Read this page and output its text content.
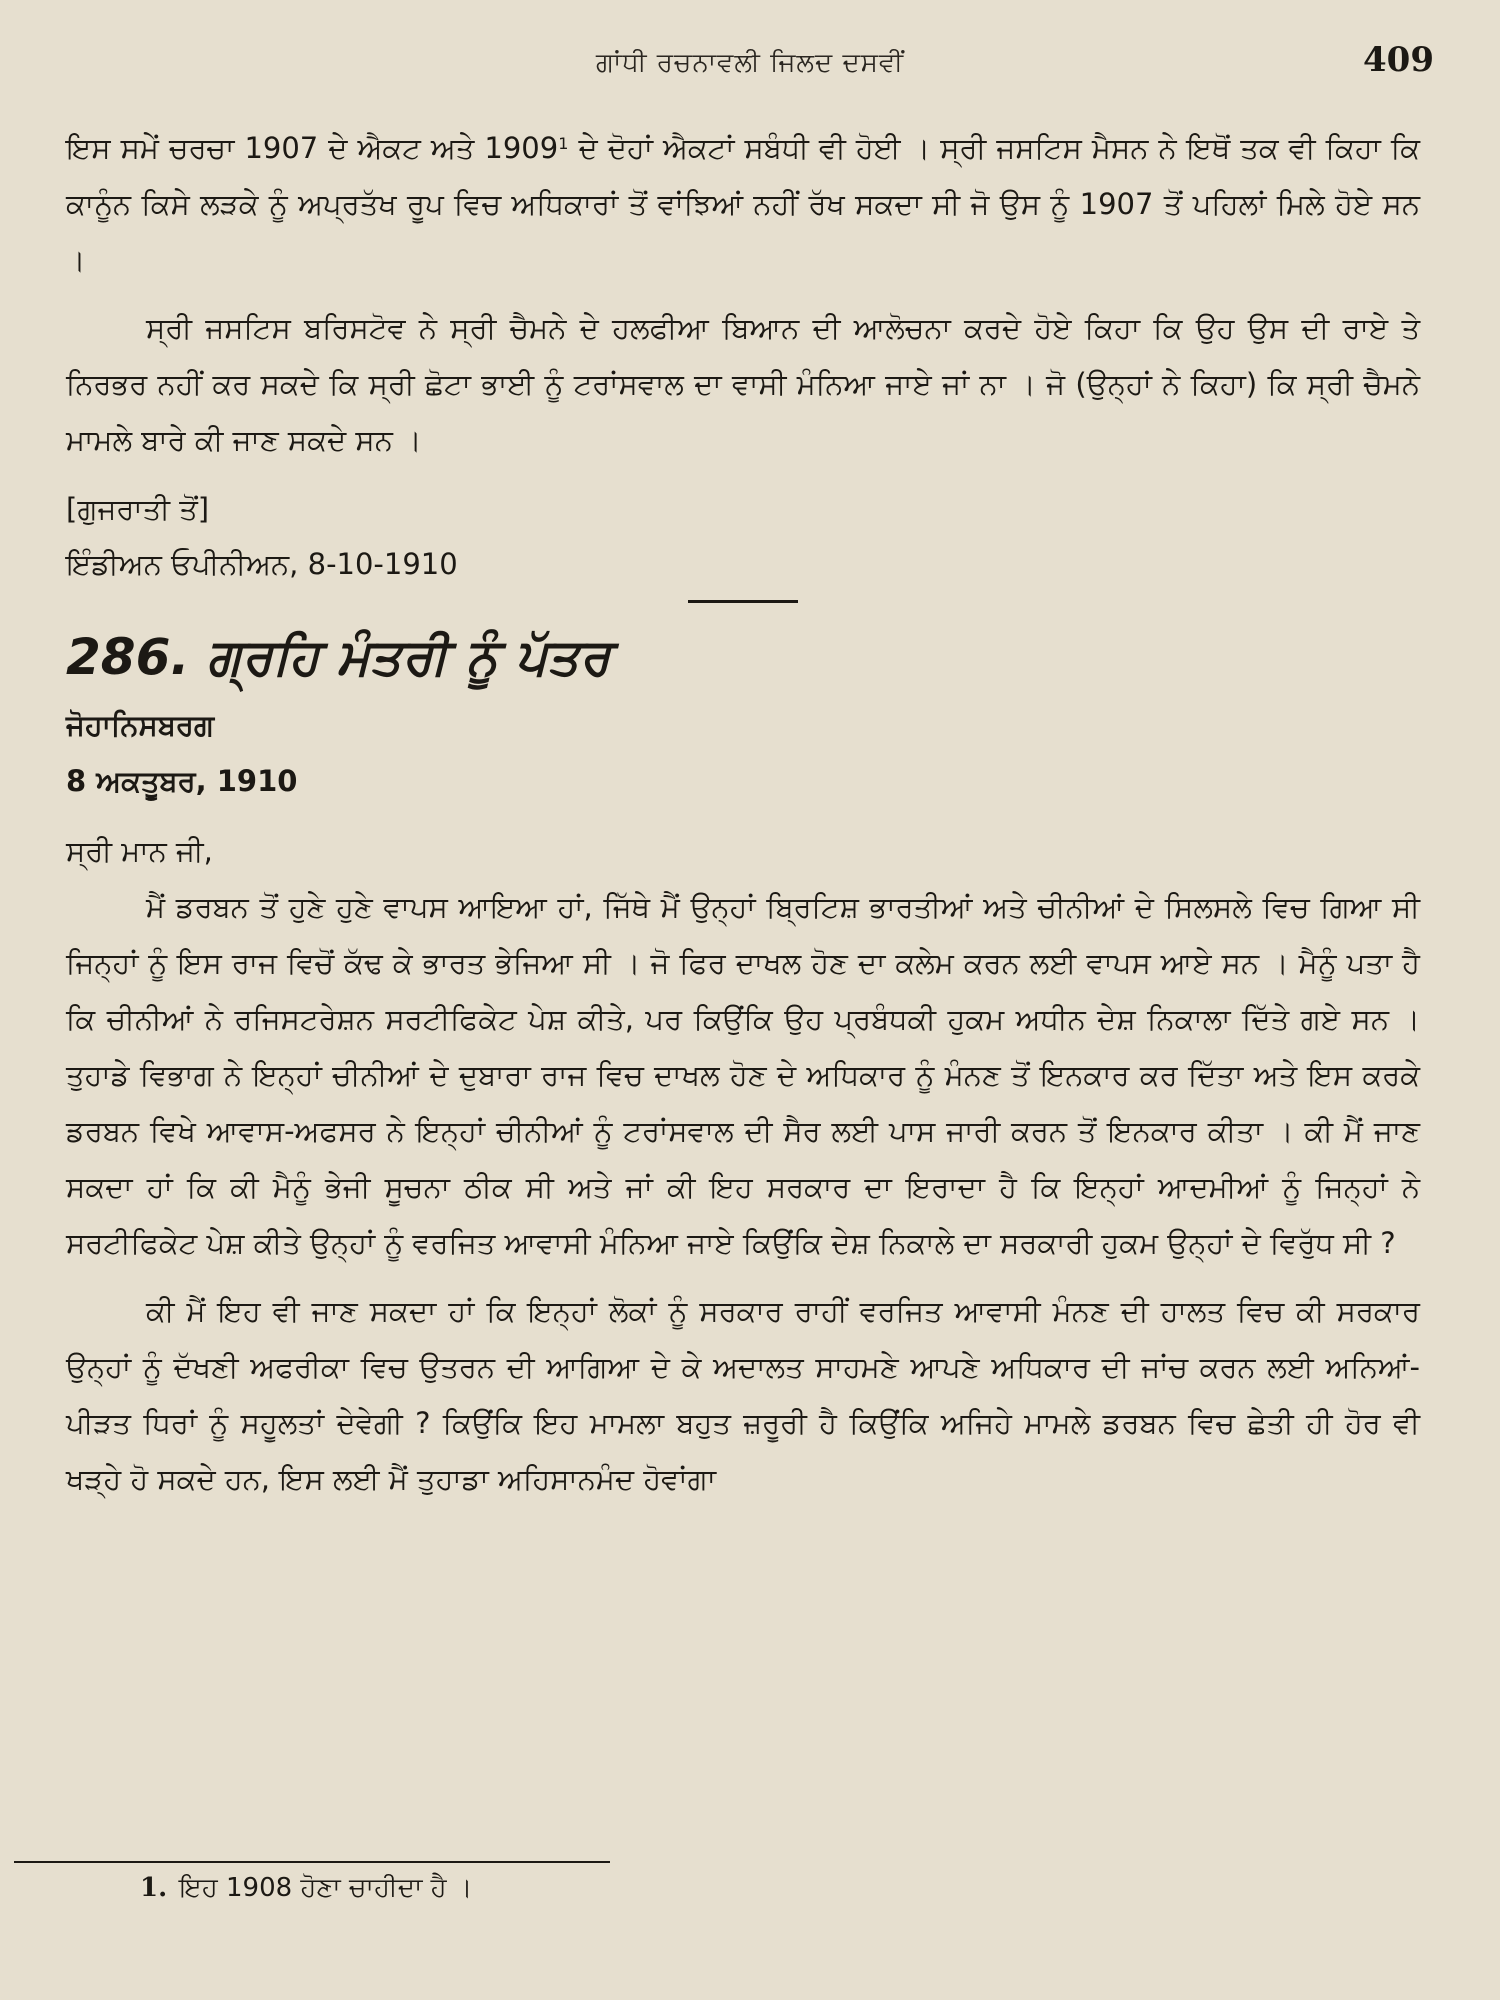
ਗਾਂਧੀ ਰਚਨਾਵਲੀ ਜਿਲਦ ਦਸਵੀਂ	409

ਇਸ ਸਮੇਂ ਚਰਚਾ 1907 ਦੇ ਐਕਟ ਅਤੇ 1909$^1$ ਦੇ ਦੋਹਾਂ ਐਕਟਾਂ ਸਬੰਧੀ ਵੀ ਹੋਈ । ਸ੍ਰੀ ਜਸਟਿਸ ਮੈਸਨ ਨੇ ਇਥੋਂ ਤਕ ਵੀ ਕਿਹਾ ਕਿ ਕਾਨੂੰਨ ਕਿਸੇ ਲੜਕੇ ਨੂੰ ਅਪ੍ਰਤੱਖ ਰੂਪ ਵਿਚ ਅਧਿਕਾਰਾਂ ਤੋਂ ਵਾਂਝਿਆਂ ਨਹੀਂ ਰੱਖ ਸਕਦਾ ਸੀ ਜੋ ਉਸ ਨੂੰ 1907 ਤੋਂ ਪਹਿਲਾਂ ਮਿਲੇ ਹੋਏ ਸਨ ।

ਸ੍ਰੀ ਜਸਟਿਸ ਬਰਿਸਟੋਵ ਨੇ ਸ੍ਰੀ ਚੈਮਨੇ ਦੇ ਹਲਫੀਆ ਬਿਆਨ ਦੀ ਆਲੋਚਨਾ ਕਰਦੇ ਹੋਏ ਕਿਹਾ ਕਿ ਉਹ ਉਸ ਦੀ ਰਾਏ ਤੇ ਨਿਰਭਰ ਨਹੀਂ ਕਰ ਸਕਦੇ ਕਿ ਸ੍ਰੀ ਛੋਟਾ ਭਾਈ ਨੂੰ ਟਰਾਂਸਵਾਲ ਦਾ ਵਾਸੀ ਮੰਨਿਆ ਜਾਏ ਜਾਂ ਨਾ । ਜੋ (ਉਨ੍ਹਾਂ ਨੇ ਕਿਹਾ) ਕਿ ਸ੍ਰੀ ਚੈਮਨੇ ਮਾਮਲੇ ਬਾਰੇ ਕੀ ਜਾਣ ਸਕਦੇ ਸਨ ।

[ਗੁਜਰਾਤੀ ਤੋਂ]

ਇੰਡੀਅਨ ਓਪੀਨੀਅਨ, 8-10-1910

286. ਗ੍ਰਹਿ ਮੰਤਰੀ ਨੂੰ ਪੱਤਰ

ਜੋਹਾਨਿਸਬਰਗ

8 ਅਕਤੂਬਰ, 1910

ਸ੍ਰੀ ਮਾਨ ਜੀ,

ਮੈਂ ਡਰਬਨ ਤੋਂ ਹੁਣੇ ਹੁਣੇ ਵਾਪਸ ਆਇਆ ਹਾਂ, ਜਿੱਥੇ ਮੈਂ ਉਨ੍ਹਾਂ ਬ੍ਰਿਟਿਸ਼ ਭਾਰਤੀਆਂ ਅਤੇ ਚੀਨੀਆਂ ਦੇ ਸਿਲਸਲੇ ਵਿਚ ਗਿਆ ਸੀ ਜਿਨ੍ਹਾਂ ਨੂੰ ਇਸ ਰਾਜ ਵਿਚੋਂ ਕੱਢ ਕੇ ਭਾਰਤ ਭੇਜਿਆ ਸੀ । ਜੋ ਫਿਰ ਦਾਖਲ ਹੋਣ ਦਾ ਕਲੇਮ ਕਰਨ ਲਈ ਵਾਪਸ ਆਏ ਸਨ । ਮੈਨੂੰ ਪਤਾ ਹੈ ਕਿ ਚੀਨੀਆਂ ਨੇ ਰਜਿਸਟਰੇਸ਼ਨ ਸਰਟੀਫਿਕੇਟ ਪੇਸ਼ ਕੀਤੇ, ਪਰ ਕਿਉਂਕਿ ਉਹ ਪ੍ਰਬੰਧਕੀ ਹੁਕਮ ਅਧੀਨ ਦੇਸ਼ ਨਿਕਾਲਾ ਦਿੱਤੇ ਗਏ ਸਨ । ਤੁਹਾਡੇ ਵਿਭਾਗ ਨੇ ਇਨ੍ਹਾਂ ਚੀਨੀਆਂ ਦੇ ਦੁਬਾਰਾ ਰਾਜ ਵਿਚ ਦਾਖਲ ਹੋਣ ਦੇ ਅਧਿਕਾਰ ਨੂੰ ਮੰਨਣ ਤੋਂ ਇਨਕਾਰ ਕਰ ਦਿੱਤਾ ਅਤੇ ਇਸ ਕਰਕੇ ਡਰਬਨ ਵਿਖੇ ਆਵਾਸ-ਅਫਸਰ ਨੇ ਇਨ੍ਹਾਂ ਚੀਨੀਆਂ ਨੂੰ ਟਰਾਂਸਵਾਲ ਦੀ ਸੈਰ ਲਈ ਪਾਸ ਜਾਰੀ ਕਰਨ ਤੋਂ ਇਨਕਾਰ ਕੀਤਾ । ਕੀ ਮੈਂ ਜਾਣ ਸਕਦਾ ਹਾਂ ਕਿ ਕੀ ਮੈਨੂੰ ਭੇਜੀ ਸੂਚਨਾ ਠੀਕ ਸੀ ਅਤੇ ਜਾਂ ਕੀ ਇਹ ਸਰਕਾਰ ਦਾ ਇਰਾਦਾ ਹੈ ਕਿ ਇਨ੍ਹਾਂ ਆਦਮੀਆਂ ਨੂੰ ਜਿਨ੍ਹਾਂ ਨੇ ਸਰਟੀਫਿਕੇਟ ਪੇਸ਼ ਕੀਤੇ ਉਨ੍ਹਾਂ ਨੂੰ ਵਰਜਿਤ ਆਵਾਸੀ ਮੰਨਿਆ ਜਾਏ ਕਿਉਂਕਿ ਦੇਸ਼ ਨਿਕਾਲੇ ਦਾ ਸਰਕਾਰੀ ਹੁਕਮ ਉਨ੍ਹਾਂ ਦੇ ਵਿਰੁੱਧ ਸੀ ?

ਕੀ ਮੈਂ ਇਹ ਵੀ ਜਾਣ ਸਕਦਾ ਹਾਂ ਕਿ ਇਨ੍ਹਾਂ ਲੋਕਾਂ ਨੂੰ ਸਰਕਾਰ ਰਾਹੀਂ ਵਰਜਿਤ ਆਵਾਸੀ ਮੰਨਣ ਦੀ ਹਾਲਤ ਵਿਚ ਕੀ ਸਰਕਾਰ ਉਨ੍ਹਾਂ ਨੂੰ ਦੱਖਣੀ ਅਫਰੀਕਾ ਵਿਚ ਉਤਰਨ ਦੀ ਆਗਿਆ ਦੇ ਕੇ ਅਦਾਲਤ ਸਾਹਮਣੇ ਆਪਣੇ ਅਧਿਕਾਰ ਦੀ ਜਾਂਚ ਕਰਨ ਲਈ ਅਨਿਆਂ-ਪੀੜਤ ਧਿਰਾਂ ਨੂੰ ਸਹੂਲਤਾਂ ਦੇਵੇਗੀ ? ਕਿਉਂਕਿ ਇਹ ਮਾਮਲਾ ਬਹੁਤ ਜ਼ਰੂਰੀ ਹੈ ਕਿਉਂਕਿ ਅਜਿਹੇ ਮਾਮਲੇ ਡਰਬਨ ਵਿਚ ਛੇਤੀ ਹੀ ਹੋਰ ਵੀ ਖੜ੍ਹੇ ਹੋ ਸਕਦੇ ਹਨ, ਇਸ ਲਈ ਮੈਂ ਤੁਹਾਡਾ ਅਹਿਸਾਨਮੰਦ ਹੋਵਾਂਗਾ

1. ਇਹ 1908 ਹੋਣਾ ਚਾਹੀਦਾ ਹੈ ।
